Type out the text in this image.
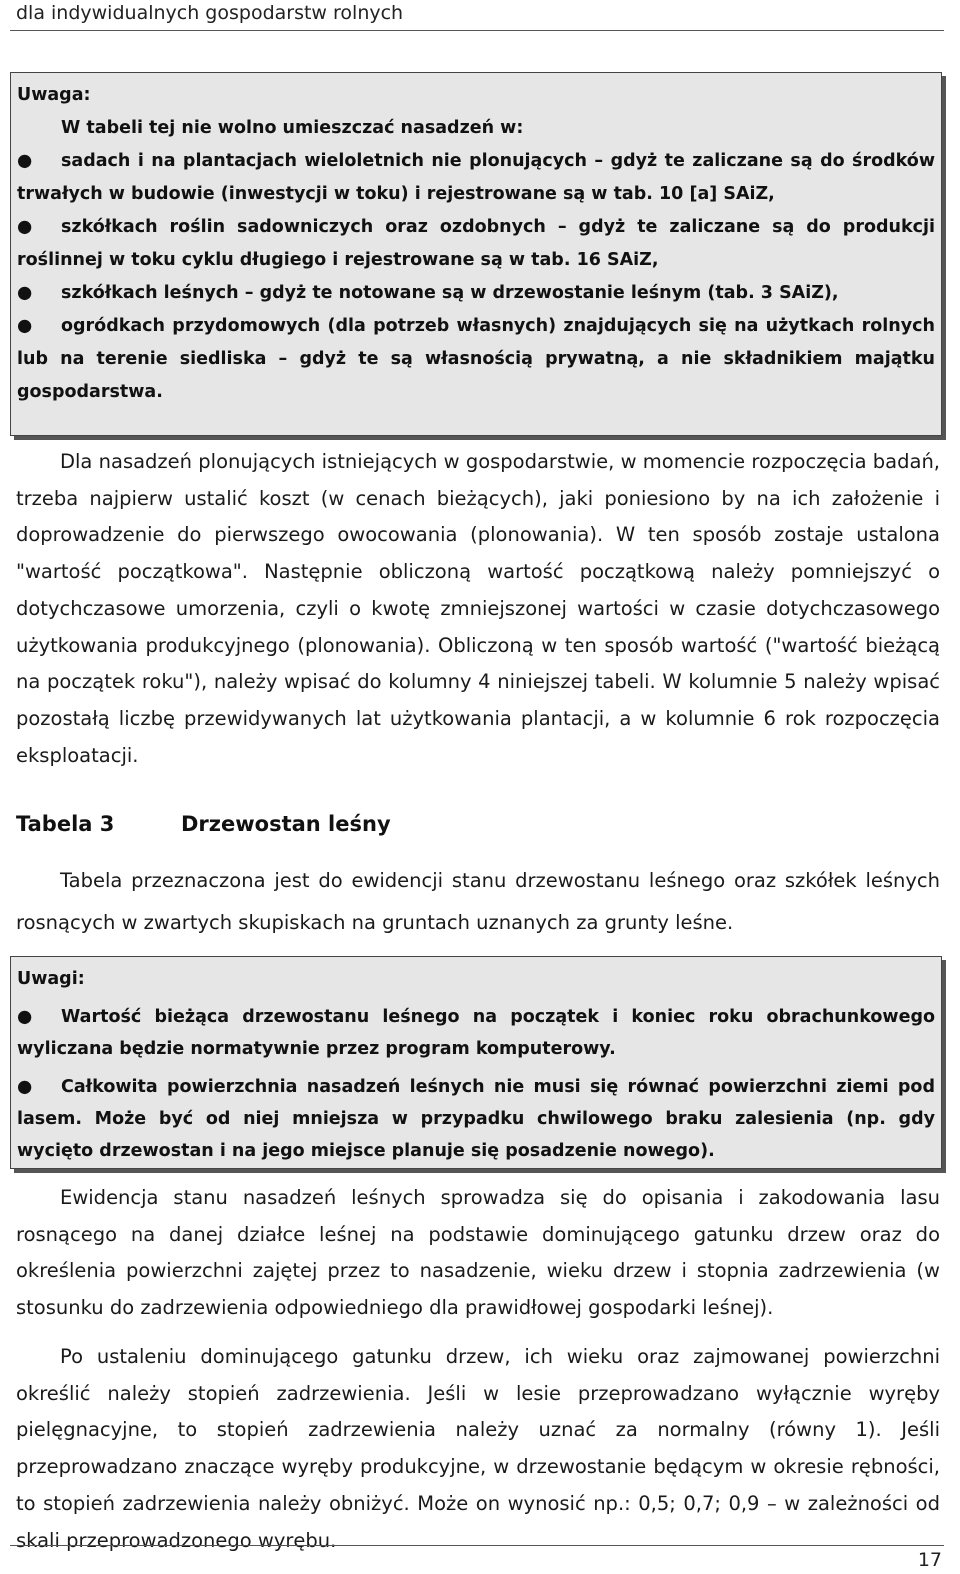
dla indywidualnych gospodarstw rolnych
Uwaga:
W tabeli tej nie wolno umieszczać nasadzeń w:
● sadach i na plantacjach wieloletnich nie plonujących – gdyż te zaliczane są do środków trwałych w budowie (inwestycji w toku) i rejestrowane są w tab. 10 [a] SAiZ,
● szkółkach roślin sadowniczych oraz ozdobnych – gdyż te zaliczane są do produkcji roślinnej w toku cyklu długiego i rejestrowane są w tab. 16 SAiZ,
● szkółkach leśnych – gdyż te notowane są w drzewostanie leśnym (tab. 3 SAiZ),
● ogródkach przydomowych (dla potrzeb własnych) znajdujących się na użytkach rolnych lub na terenie siedliska – gdyż te są własnością prywatną, a nie składnikiem majątku gospodarstwa.
Dla nasadzeń plonujących istniejących w gospodarstwie, w momencie rozpoczęcia badań, trzeba najpierw ustalić koszt (w cenach bieżących), jaki poniesiono by na ich założenie i doprowadzenie do pierwszego owocowania (plonowania). W ten sposób zostaje ustalona "wartość początkowa". Następnie obliczoną wartość początkową należy pomniejszyć o dotychczasowe umorzenia, czyli o kwotę zmniejszonej wartości w czasie dotychczasowego użytkowania produkcyjnego (plonowania). Obliczoną w ten sposób wartość ("wartość bieżącą na początek roku"), należy wpisać do kolumny 4 niniejszej tabeli. W kolumnie 5 należy wpisać pozostałą liczbę przewidywanych lat użytkowania plantacji, a w kolumnie 6 rok rozpoczęcia eksploatacji.
Tabela 3	Drzewostan leśny
Tabela przeznaczona jest do ewidencji stanu drzewostanu leśnego oraz szkółek leśnych rosnących w zwartych skupiskach na gruntach uznanych za grunty leśne.
Uwagi:
● Wartość bieżąca drzewostanu leśnego na początek i koniec roku obrachunkowego wyliczana będzie normatywnie przez program komputerowy.
● Całkowita powierzchnia nasadzeń leśnych nie musi się równać powierzchni ziemi pod lasem. Może być od niej mniejsza w przypadku chwilowego braku zalesienia (np. gdy wycięto drzewostan i na jego miejsce planuje się posadzenie nowego).
Ewidencja stanu nasadzeń leśnych sprowadza się do opisania i zakodowania lasu rosnącego na danej działce leśnej na podstawie dominującego gatunku drzew oraz do określenia powierzchni zajętej przez to nasadzenie, wieku drzew i stopnia zadrzewienia (w stosunku do zadrzewienia odpowiedniego dla prawidłowej gospodarki leśnej).
Po ustaleniu dominującego gatunku drzew, ich wieku oraz zajmowanej powierzchni określić należy stopień zadrzewienia. Jeśli w lesie przeprowadzano wyłącznie wyręby pielęgnacyjne, to stopień zadrzewienia należy uznać za normalny (równy 1). Jeśli przeprowadzano znaczące wyręby produkcyjne, w drzewostanie będącym w okresie rębności, to stopień zadrzewienia należy obniżyć. Może on wynosić np.: 0,5; 0,7; 0,9 – w zależności od skali przeprowadzonego wyrębu.
17
